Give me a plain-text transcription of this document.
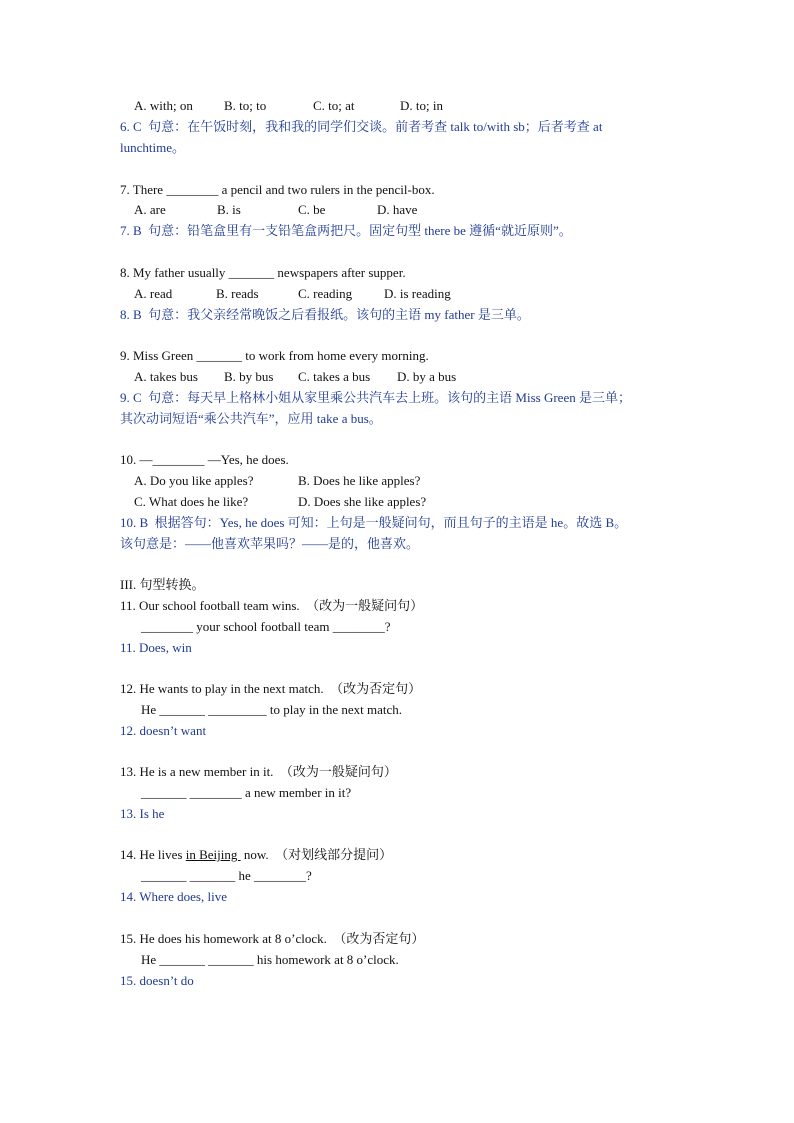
A. with; on B. to; to	C. to; at	D. to; in
6. C  句意：在午饭时刻，我和我的同学们交谈。前者考查 talk to/with sb；后者考查 at
lunchtime。
7. There ________ a pencil and two rulers in the pencil-box.
A. are	B. is	C. be	D. have
7. B  句意：铅笔盒里有一支铅笔盒两把尺。固定句型 there be 遵循“就近原则”。
8. My father usually _______ newspapers after supper.
A. read	B. reads	C. reading D. is reading
8. B  句意：我父亲经常晚饭之后看报纸。该句的主语 my father 是三单。
9. Miss Green _______ to work from home every morning.
A. takes bus B. by bus C. takes a bus D. by a bus
9. C  句意：每天早上格林小姐从家里乘公共汽车去上班。该句的主语 Miss Green 是三单；
其次动词短语“乘公共汽车”，应用 take a bus。
10. —________ —Yes, he does.
A. Do you like apples?	B. Does he like apples?
C. What does he like?	D. Does she like apples?
10. B  根据答句：Yes, he does 可知：上句是一般疑问句，而且句子的主语是 he。故选 B。
该句意是：——他喜欢苹果吗？——是的，他喜欢。
III. 句型转换。
11. Our school football team wins.  （改为一般疑问句）
________ your school football team ________?
11. Does, win
12. He wants to play in the next match.  （改为否定句）
He _______ _________ to play in the next match.
12. doesn’t want
13. He is a new member in it.  （改为一般疑问句）
_______ ________ a new member in it?
13. Is he
14. He lives in Beijing  now.  （对划线部分提问）
_______ _______ he ________?
14. Where does, live
15. He does his homework at 8 o’clock.  （改为否定句）
He _______ _______ his homework at 8 o’clock.
15. doesn’t do
